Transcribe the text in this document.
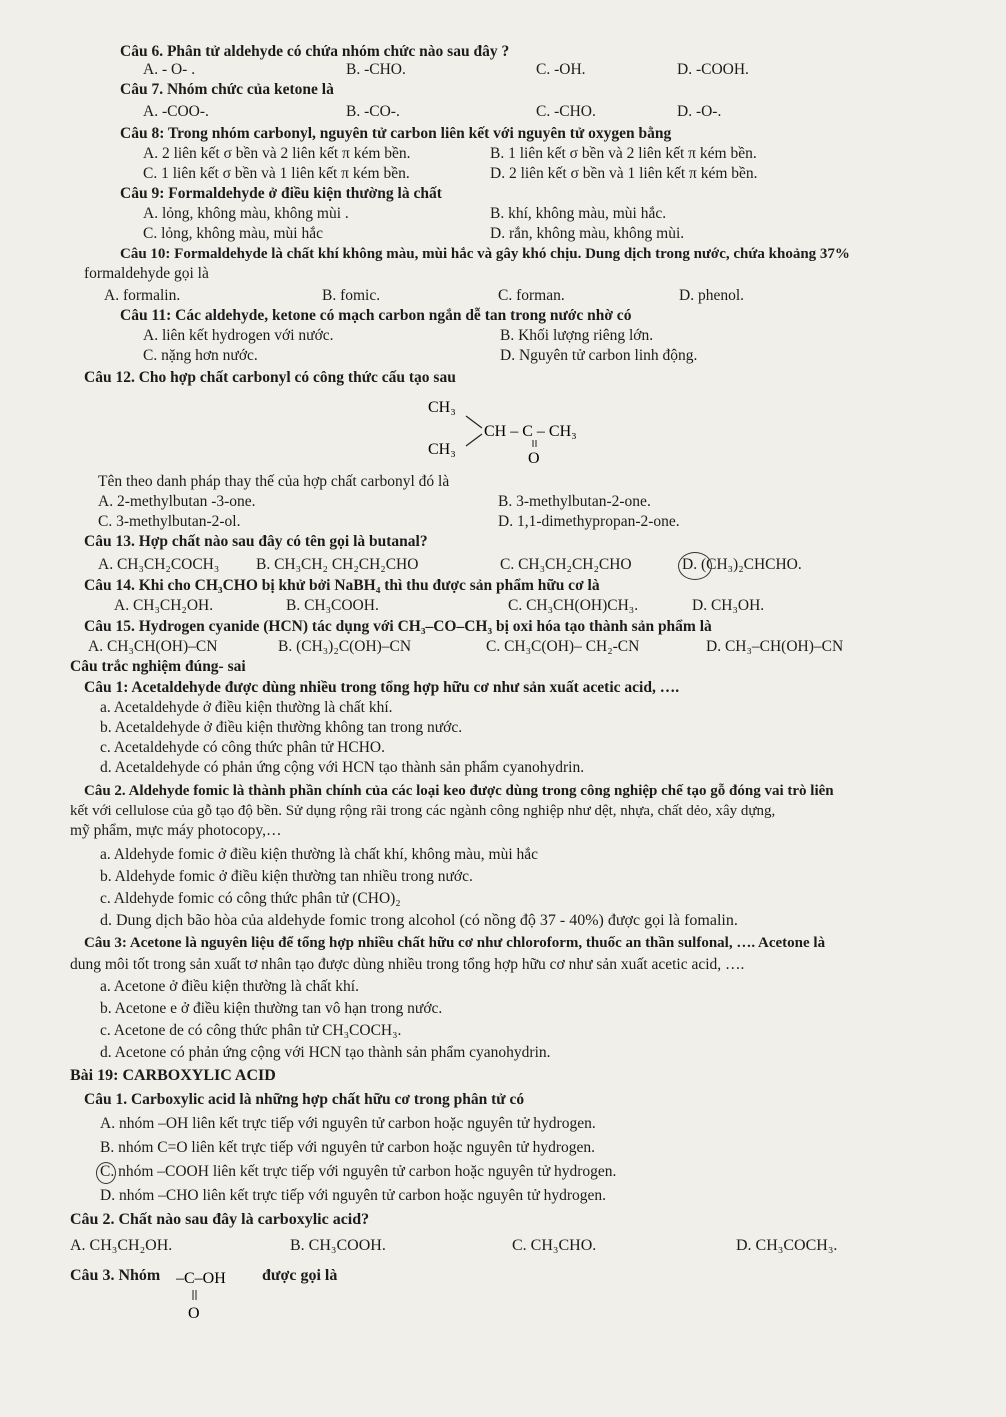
Câu 6. Phân tử aldehyde có chứa nhóm chức nào sau đây ?
A. - O- .	B. -CHO.	C. -OH.	D. -COOH.
Câu 7. Nhóm chức của ketone là
A. -COO-.	B. -CO-.	C. -CHO.	D. -O-.
Câu 8: Trong nhóm carbonyl, nguyên tử carbon liên kết với nguyên tử oxygen bằng
A. 2 liên kết σ bền và 2 liên kết π kém bền.	B. 1 liên kết σ bền và 2 liên kết π kém bền.
C. 1 liên kết σ bền và 1 liên kết π kém bền.	D. 2 liên kết σ bền và 1 liên kết π kém bền.
Câu 9: Formaldehyde ở điều kiện thường là chất
A. lỏng, không màu, không mùi .	B. khí, không màu, mùi hắc.
C. lỏng, không màu, mùi hắc	D. rắn, không màu, không mùi.
Câu 10: Formaldehyde là chất khí không màu, mùi hắc và gây khó chịu. Dung dịch trong nước, chứa khoảng 37%
formaldehyde gọi là
A. formalin.	B. fomic.	C. forman.	D. phenol.
Câu 11: Các aldehyde, ketone có mạch carbon ngắn dễ tan trong nước nhờ có
A. liên kết hydrogen với nước.	B. Khối lượng riêng lớn.
C. nặng hơn nước.	D. Nguyên tử carbon linh động.
Câu 12. Cho hợp chất carbonyl có công thức cấu tạo sau
CH₃
CH₃
CH – C – CH₃
O
Tên theo danh pháp thay thế của hợp chất carbonyl đó là
A. 2-methylbutan -3-one.	B. 3-methylbutan-2-one.
C. 3-methylbutan-2-ol.	D. 1,1-dimethypropan-2-one.
Câu 13. Hợp chất nào sau đây có tên gọi là butanal?
A. CH₃CH₂COCH₃ B. CH₃CH₂ CH₂CH₂CHO	C. CH₃CH₂CH₂CHO	D. (CH₃)₂CHCHO.
Câu 14. Khi cho CH₃CHO bị khử bởi NaBH₄ thì thu được sản phẩm hữu cơ là
A. CH₃CH₂OH.	B. CH₃COOH.	C. CH₃CH(OH)CH₃.	D. CH₃OH.
Câu 15. Hydrogen cyanide (HCN) tác dụng với CH₃–CO–CH₃ bị oxi hóa tạo thành sản phẩm là
A. CH₃CH(OH)–CN	B. (CH₃)₂C(OH)–CN	C. CH₃C(OH)– CH₂-CN	D. CH₃–CH(OH)–CN
Câu trắc nghiệm đúng- sai
Câu 1: Acetaldehyde được dùng nhiều trong tổng hợp hữu cơ như sản xuất acetic acid, ….
a. Acetaldehyde ở điều kiện thường là chất khí.
b. Acetaldehyde ở điều kiện thường không tan trong nước.
c. Acetaldehyde có công thức phân tử HCHO.
d. Acetaldehyde có phản ứng cộng với HCN tạo thành sản phẩm cyanohydrin.
Câu 2. Aldehyde fomic là thành phần chính của các loại keo được dùng trong công nghiệp chế tạo gỗ đóng vai trò liên
kết với cellulose của gỗ tạo độ bền. Sử dụng rộng rãi trong các ngành công nghiệp như dệt, nhựa, chất dẻo, xây dựng,
mỹ phẩm, mực máy photocopy,…
a. Aldehyde fomic ở điều kiện thường là chất khí, không màu, mùi hắc
b. Aldehyde fomic ở điều kiện thường tan nhiều trong nước.
c. Aldehyde fomic có công thức phân tử (CHO)₂
d. Dung dịch bão hòa của aldehyde fomic trong alcohol (có nồng độ 37 - 40%) được gọi là fomalin.
Câu 3: Acetone là nguyên liệu để tổng hợp nhiều chất hữu cơ như chloroform, thuốc an thần sulfonal, …. Acetone là
dung môi tốt trong sản xuất tơ nhân tạo được dùng nhiều trong tổng hợp hữu cơ như sản xuất acetic acid, ….
a. Acetone ở điều kiện thường là chất khí.
b. Acetone e ở điều kiện thường tan vô hạn trong nước.
c. Acetone de có công thức phân tử CH₃COCH₃.
d. Acetone có phản ứng cộng với HCN tạo thành sản phẩm cyanohydrin.
Bài 19: CARBOXYLIC ACID
Câu 1. Carboxylic acid là những hợp chất hữu cơ trong phân tử có
A. nhóm –OH liên kết trực tiếp với nguyên tử carbon hoặc nguyên tử hydrogen.
B. nhóm C=O liên kết trực tiếp với nguyên tử carbon hoặc nguyên tử hydrogen.
C. nhóm –COOH liên kết trực tiếp với nguyên tử carbon hoặc nguyên tử hydrogen.
D. nhóm –CHO liên kết trực tiếp với nguyên tử carbon hoặc nguyên tử hydrogen.
Câu 2. Chất nào sau đây là carboxylic acid?
A. CH₃CH₂OH.	B. CH₃COOH.	C. CH₃CHO.	D. CH₃COCH₃.
Câu 3. Nhóm –C–OH
O
được gọi là
